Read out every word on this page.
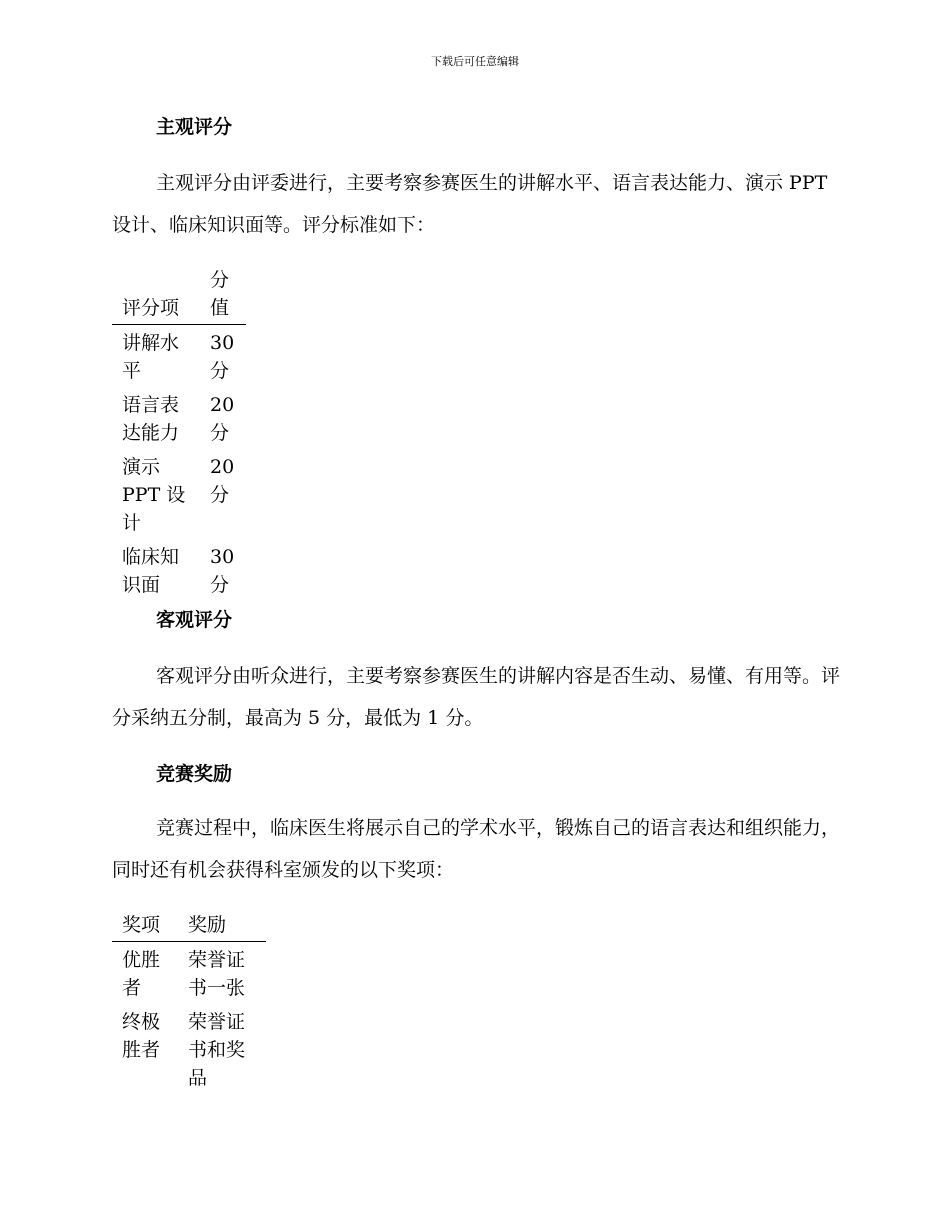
下载后可任意编辑
主观评分

主观评分由评委进行，主要考察参赛医生的讲解水平、语言表达能力、演示 PPT 设计、临床知识面等。评分标准如下：

评分项	分值
讲解水平	30 分
语言表达能力	20 分
演示 PPT 设计	20 分
临床知识面	30 分
客观评分

客观评分由听众进行，主要考察参赛医生的讲解内容是否生动、易懂、有用等。评分采纳五分制，最高为 5 分，最低为 1 分。

竞赛奖励

竞赛过程中，临床医生将展示自己的学术水平，锻炼自己的语言表达和组织能力，同时还有机会获得科室颁发的以下奖项：

奖项	奖励
优胜者	荣誉证书一张
终极胜者	荣誉证书和奖品
